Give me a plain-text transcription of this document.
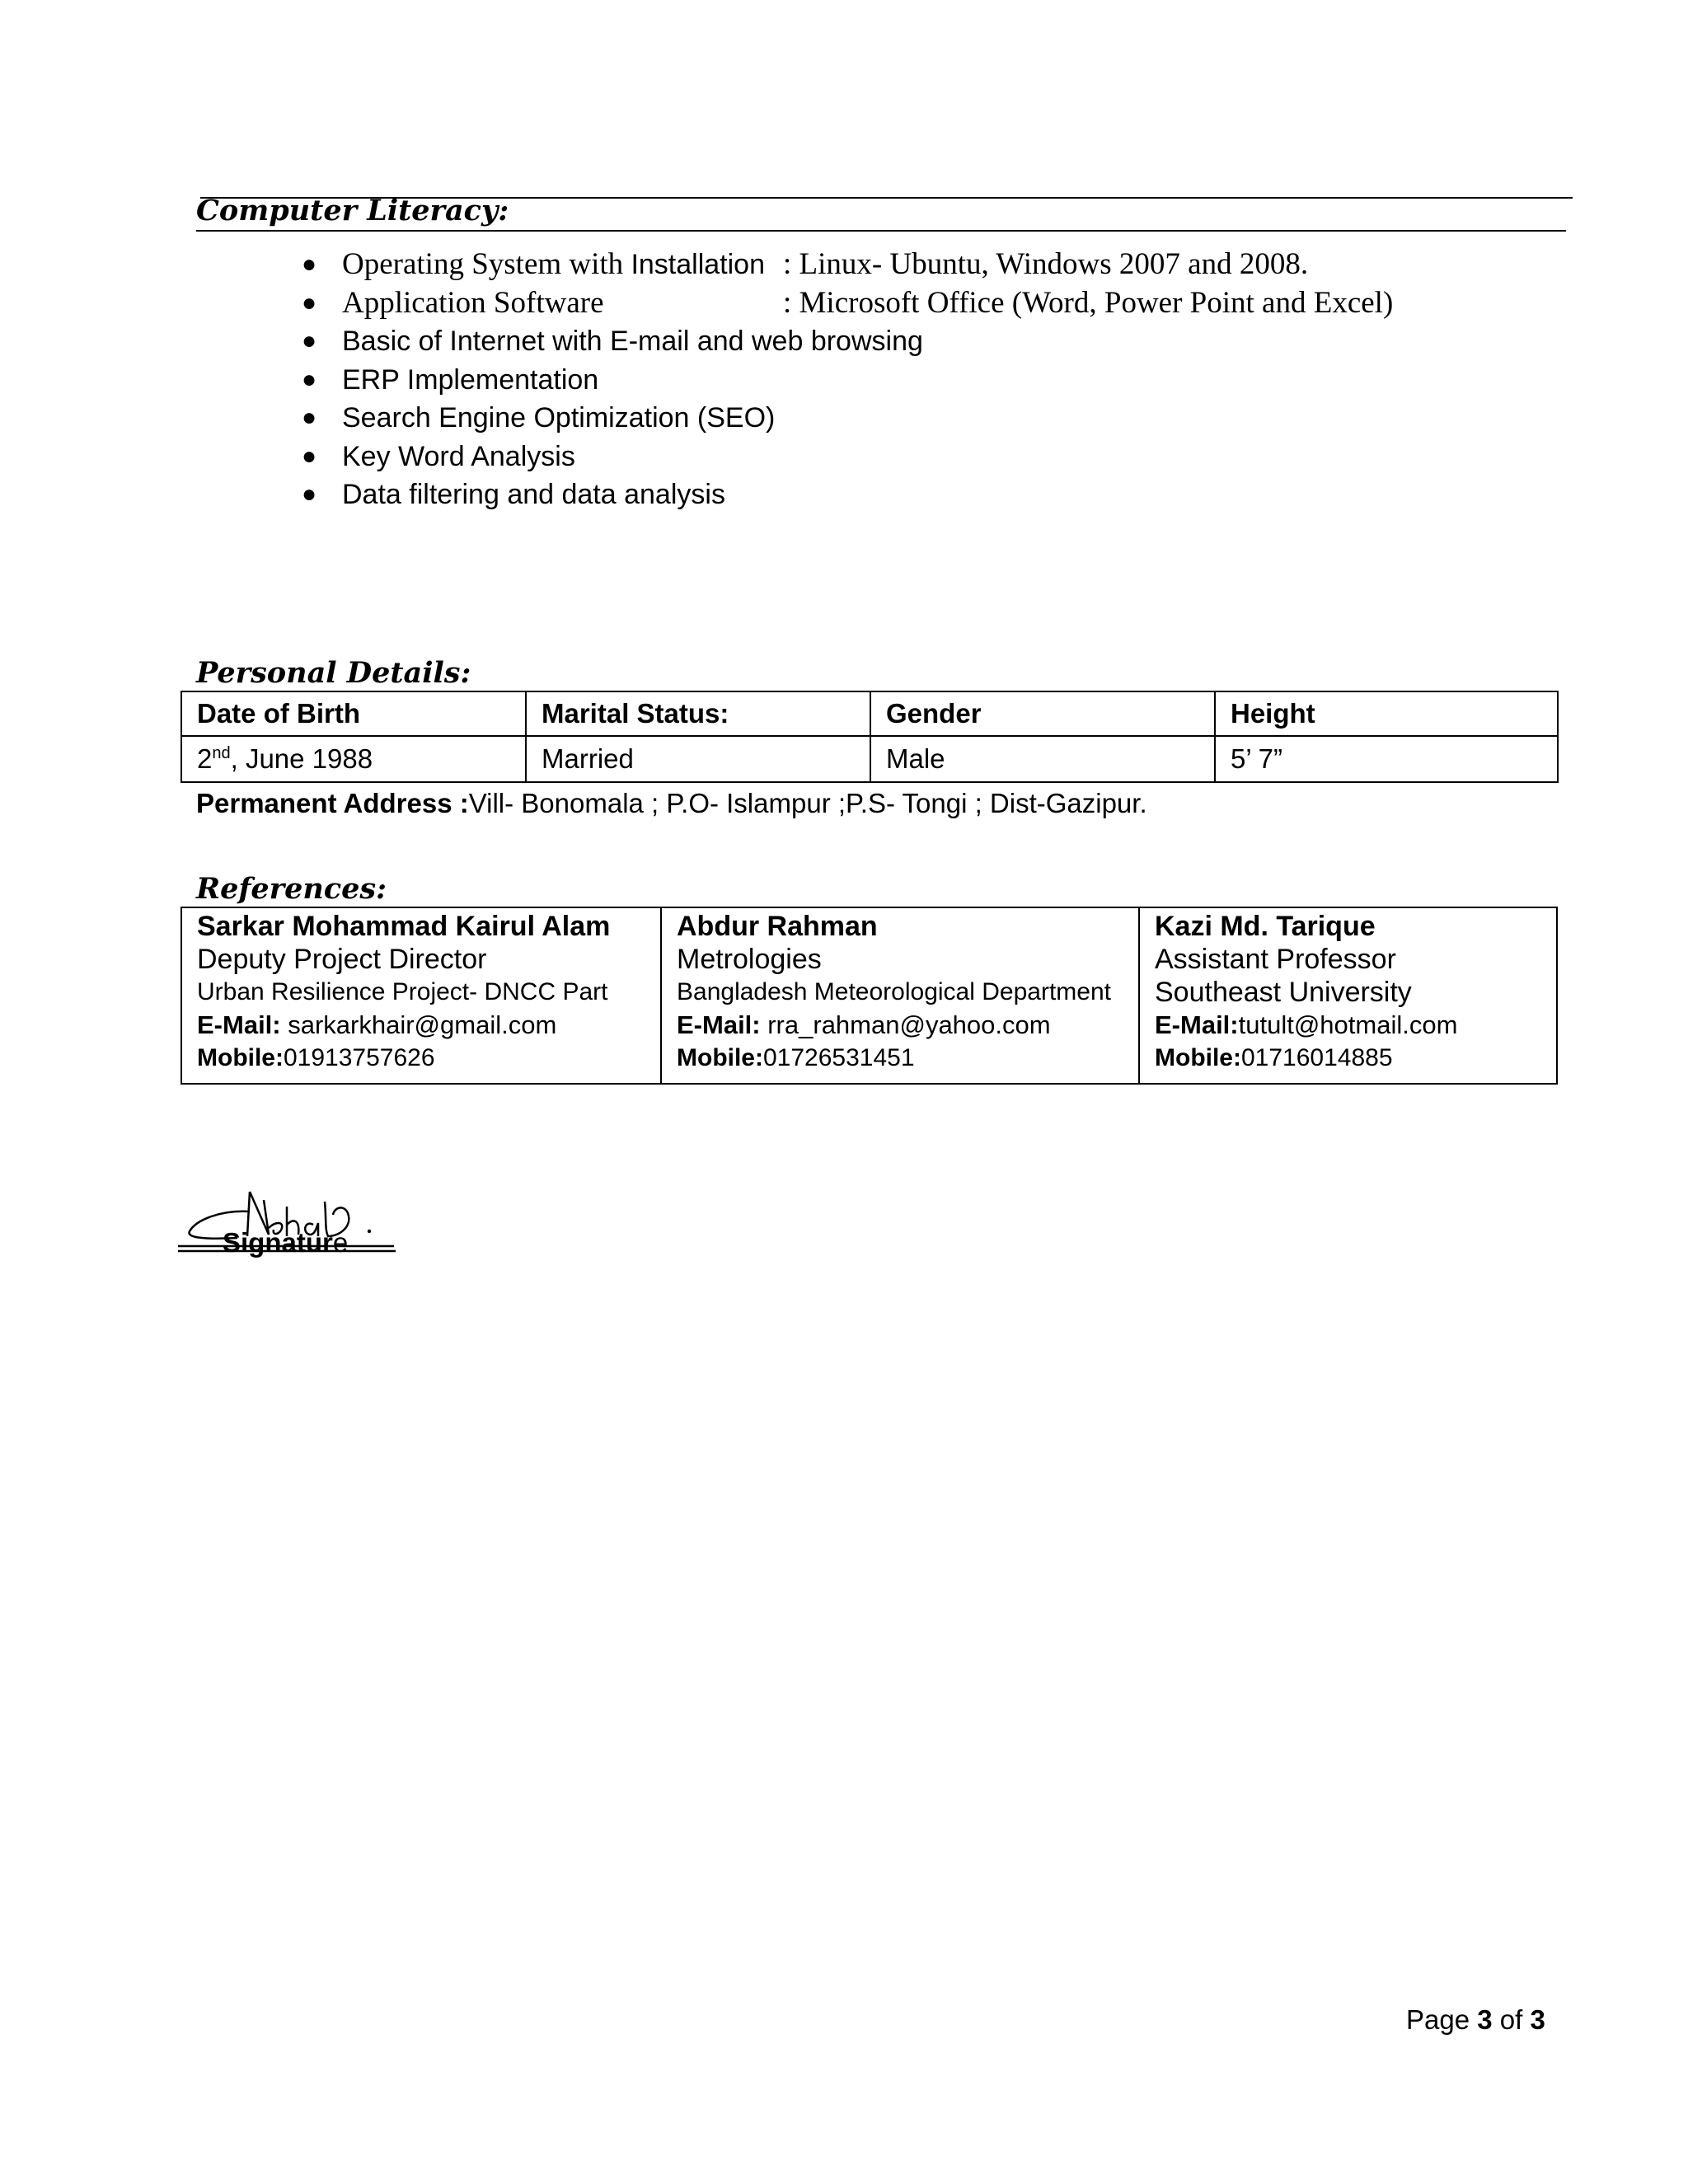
Computer Literacy:
● Operating System with Installation : Linux- Ubuntu, Windows 2007 and 2008.
● Application Software	: Microsoft Office (Word, Power Point and Excel)
● Basic of Internet with E-mail and web browsing
● ERP Implementation
● Search Engine Optimization (SEO)
● Key Word Analysis
● Data filtering and data analysis
Personal Details:
Date of Birth	Marital Status:	Gender	Height
2nd, June 1988	Married	Male	5’ 7”
Permanent Address :Vill- Bonomala ; P.O- Islampur ;P.S- Tongi ; Dist-Gazipur.
References:
Sarkar Mohammad Kairul Alam
Deputy Project Director
Urban Resilience Project- DNCC Part
E-Mail: sarkarkhair@gmail.com
Mobile:01913757626

Abdur Rahman
Metrologies
Bangladesh Meteorological Department
E-Mail: rra_rahman@yahoo.com
Mobile:01726531451

Kazi Md. Tarique
Assistant Professor
Southeast University
E-Mail:tutult@hotmail.com
Mobile:01716014885
Signature
Page 3 of 3
